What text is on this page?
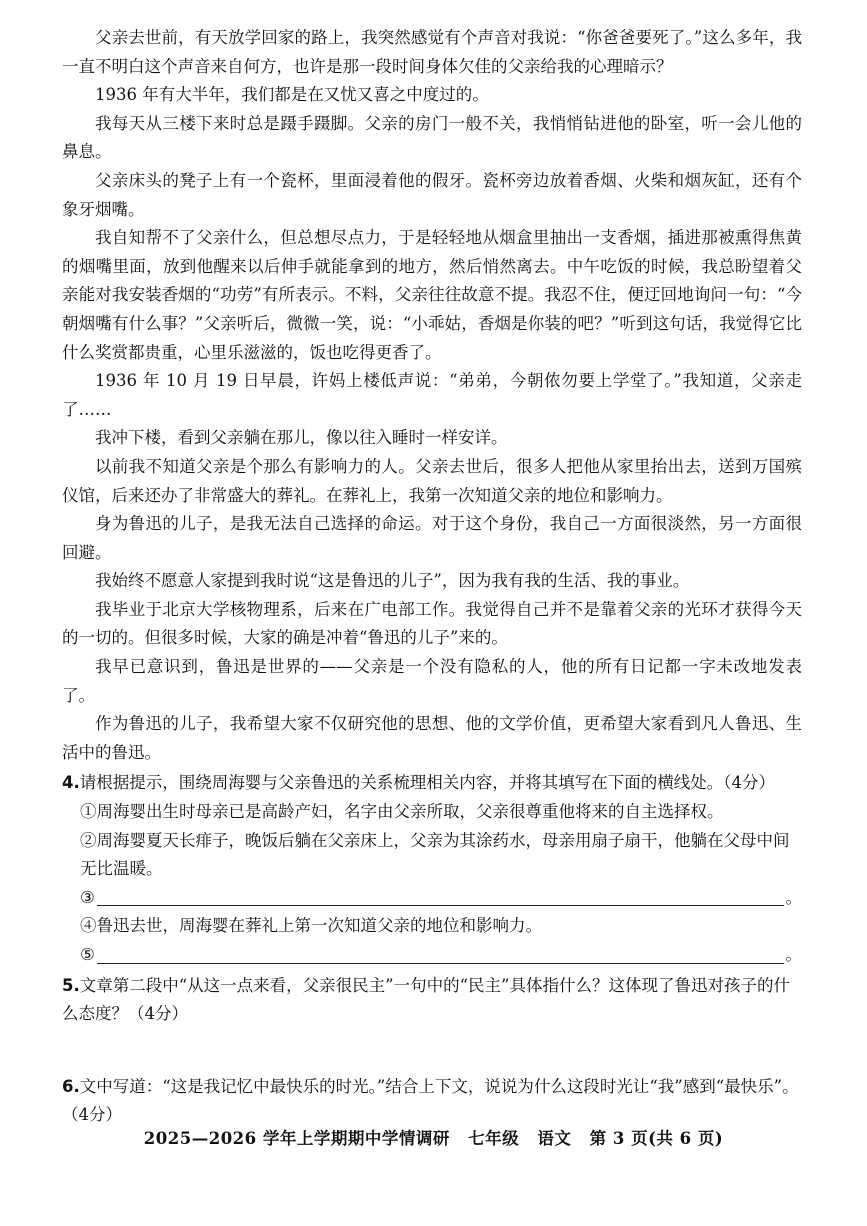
父亲去世前，有天放学回家的路上，我突然感觉有个声音对我说：“你爸爸要死了。”这么多年，我一直不明白这个声音来自何方，也许是那一段时间身体欠佳的父亲给我的心理暗示？

1936 年有大半年，我们都是在又忧又喜之中度过的。

我每天从三楼下来时总是蹑手蹑脚。父亲的房门一般不关，我悄悄钻进他的卧室，听一会儿他的鼻息。

父亲床头的凳子上有一个瓷杯，里面浸着他的假牙。瓷杯旁边放着香烟、火柴和烟灰缸，还有个象牙烟嘴。

我自知帮不了父亲什么，但总想尽点力，于是轻轻地从烟盒里抽出一支香烟，插进那被熏得焦黄的烟嘴里面，放到他醒来以后伸手就能拿到的地方，然后悄然离去。中午吃饭的时候，我总盼望着父亲能对我安装香烟的“功劳”有所表示。不料，父亲往往故意不提。我忍不住，便迂回地询问一句：“今朝烟嘴有什么事？”父亲听后，微微一笑，说：“小乖姑，香烟是你装的吧？”听到这句话，我觉得它比什么奖赏都贵重，心里乐滋滋的，饭也吃得更香了。

1936 年 10 月 19 日早晨，许妈上楼低声说：“弟弟，今朝侬勿要上学堂了。”我知道，父亲走了……

我冲下楼，看到父亲躺在那儿，像以往入睡时一样安详。

以前我不知道父亲是个那么有影响力的人。父亲去世后，很多人把他从家里抬出去，送到万国殡仪馆，后来还办了非常盛大的葬礼。在葬礼上，我第一次知道父亲的地位和影响力。

身为鲁迅的儿子，是我无法自己选择的命运。对于这个身份，我自己一方面很淡然，另一方面很回避。

我始终不愿意人家提到我时说“这是鲁迅的儿子”，因为我有我的生活、我的事业。

我毕业于北京大学核物理系，后来在广电部工作。我觉得自己并不是靠着父亲的光环才获得今天的一切的。但很多时候，大家的确是冲着“鲁迅的儿子”来的。

我早已意识到，鲁迅是世界的——父亲是一个没有隐私的人，他的所有日记都一字未改地发表了。

作为鲁迅的儿子，我希望大家不仅研究他的思想、他的文学价值，更希望大家看到凡人鲁迅、生活中的鲁迅。

4.请根据提示，围绕周海婴与父亲鲁迅的关系梳理相关内容，并将其填写在下面的横线处。（4分）

①周海婴出生时母亲已是高龄产妇，名字由父亲所取，父亲很尊重他将来的自主选择权。

②周海婴夏天长痱子，晚饭后躺在父亲床上，父亲为其涂药水，母亲用扇子扇干，他躺在父母中间无比温暖。

③	。

④鲁迅去世，周海婴在葬礼上第一次知道父亲的地位和影响力。

⑤	。

5.文章第二段中“从这一点来看，父亲很民主”一句中的“民主”具体指什么？这体现了鲁迅对孩子的什么态度？（4分）

6.文中写道：“这是我记忆中最快乐的时光。”结合上下文，说说为什么这段时光让“我”感到“最快乐”。（4分）

2025—2026 学年上学期期中学情调研 七年级 语文 第 3 页(共 6 页)
